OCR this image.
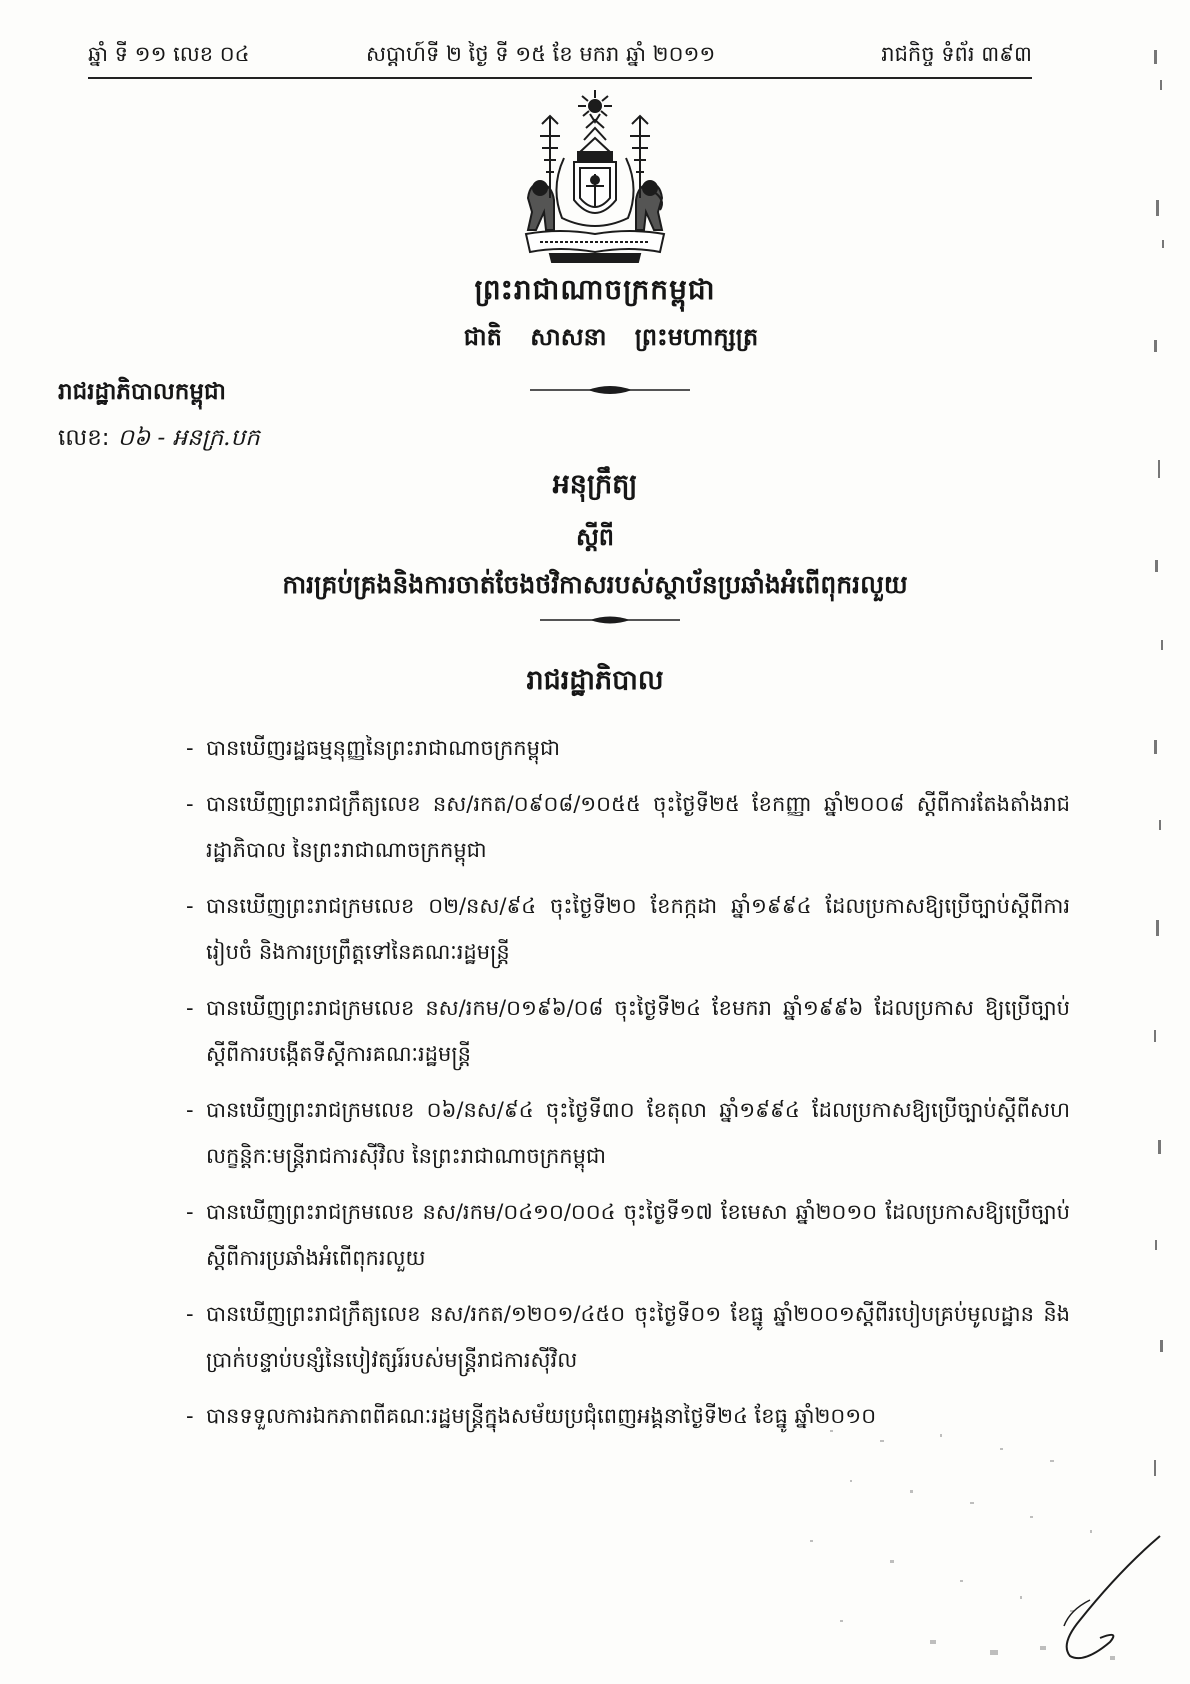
ឆ្នាំ ទី ១១ លេខ ០៤	សប្តាហ៍ទី ២ ថ្ងៃ ទី ១៥ ខែ មករា ឆ្នាំ ២០១១	រាជកិច្ច ទំព័រ ៣៩៣
ព្រះរាជាណាចក្រកម្ពុជា
ជាតិ សាសនា ព្រះមហាក្សត្រ
រាជរដ្ឋាភិបាលកម្ពុជា
លេខ: ០៦ - អនក្រ.បក
អនុក្រឹត្យ
ស្តីពី
ការគ្រប់គ្រងនិងការចាត់ចែងថវិកាសរបស់ស្ថាប័នប្រឆាំងអំពើពុករលួយ
រាជរដ្ឋាភិបាល
- បានឃើញរដ្ឋធម្មនុញ្ញនៃព្រះរាជាណាចក្រកម្ពុជា
- បានឃើញព្រះរាជក្រឹត្យលេខ នស/រកត/០៩០៨/១០៥៥ ចុះថ្ងៃទី២៥ ខែកញ្ញា ឆ្នាំ២០០៨ ស្តីពីការតែងតាំងរាជរដ្ឋាភិបាល នៃព្រះរាជាណាចក្រកម្ពុជា
- បានឃើញព្រះរាជក្រមលេខ ០២/នស/៩៤ ចុះថ្ងៃទី២០ ខែកក្កដា ឆ្នាំ១៩៩៤ ដែលប្រកាសឱ្យប្រើច្បាប់ស្តីពីការរៀបចំ និងការប្រព្រឹត្តទៅនៃគណៈរដ្ឋមន្ត្រី
- បានឃើញព្រះរាជក្រមលេខ នស/រកម/០១៩៦/០៨ ចុះថ្ងៃទី២៤ ខែមករា ឆ្នាំ១៩៩៦ ដែលប្រកាស ឱ្យប្រើច្បាប់ស្តីពីការបង្កើតទីស្តីការគណៈរដ្ឋមន្ត្រី
- បានឃើញព្រះរាជក្រមលេខ ០៦/នស/៩៤ ចុះថ្ងៃទី៣០ ខែតុលា ឆ្នាំ១៩៩៤ ដែលប្រកាសឱ្យប្រើច្បាប់ស្តីពីសហលក្ខន្តិកៈមន្ត្រីរាជការស៊ីវិល នៃព្រះរាជាណាចក្រកម្ពុជា
- បានឃើញព្រះរាជក្រមលេខ នស/រកម/០៤១០/០០៤ ចុះថ្ងៃទី១៧ ខែមេសា ឆ្នាំ២០១០ ដែលប្រកាសឱ្យប្រើច្បាប់ស្តីពីការប្រឆាំងអំពើពុករលួយ
- បានឃើញព្រះរាជក្រឹត្យលេខ នស/រកត/១២០១/៤៥០ ចុះថ្ងៃទី០១ ខែធ្នូ ឆ្នាំ២០០១ស្តីពីរបៀបគ្រប់មូលដ្ឋាន និងប្រាក់បន្ទាប់បន្សំនៃបៀវត្សរ៍របស់មន្ត្រីរាជការស៊ីវិល
- បានទទួលការឯកភាពពីគណៈរដ្ឋមន្ត្រីក្នុងសម័យប្រជុំពេញអង្គនាថ្ងៃទី២៤ ខែធ្នូ ឆ្នាំ២០១០
